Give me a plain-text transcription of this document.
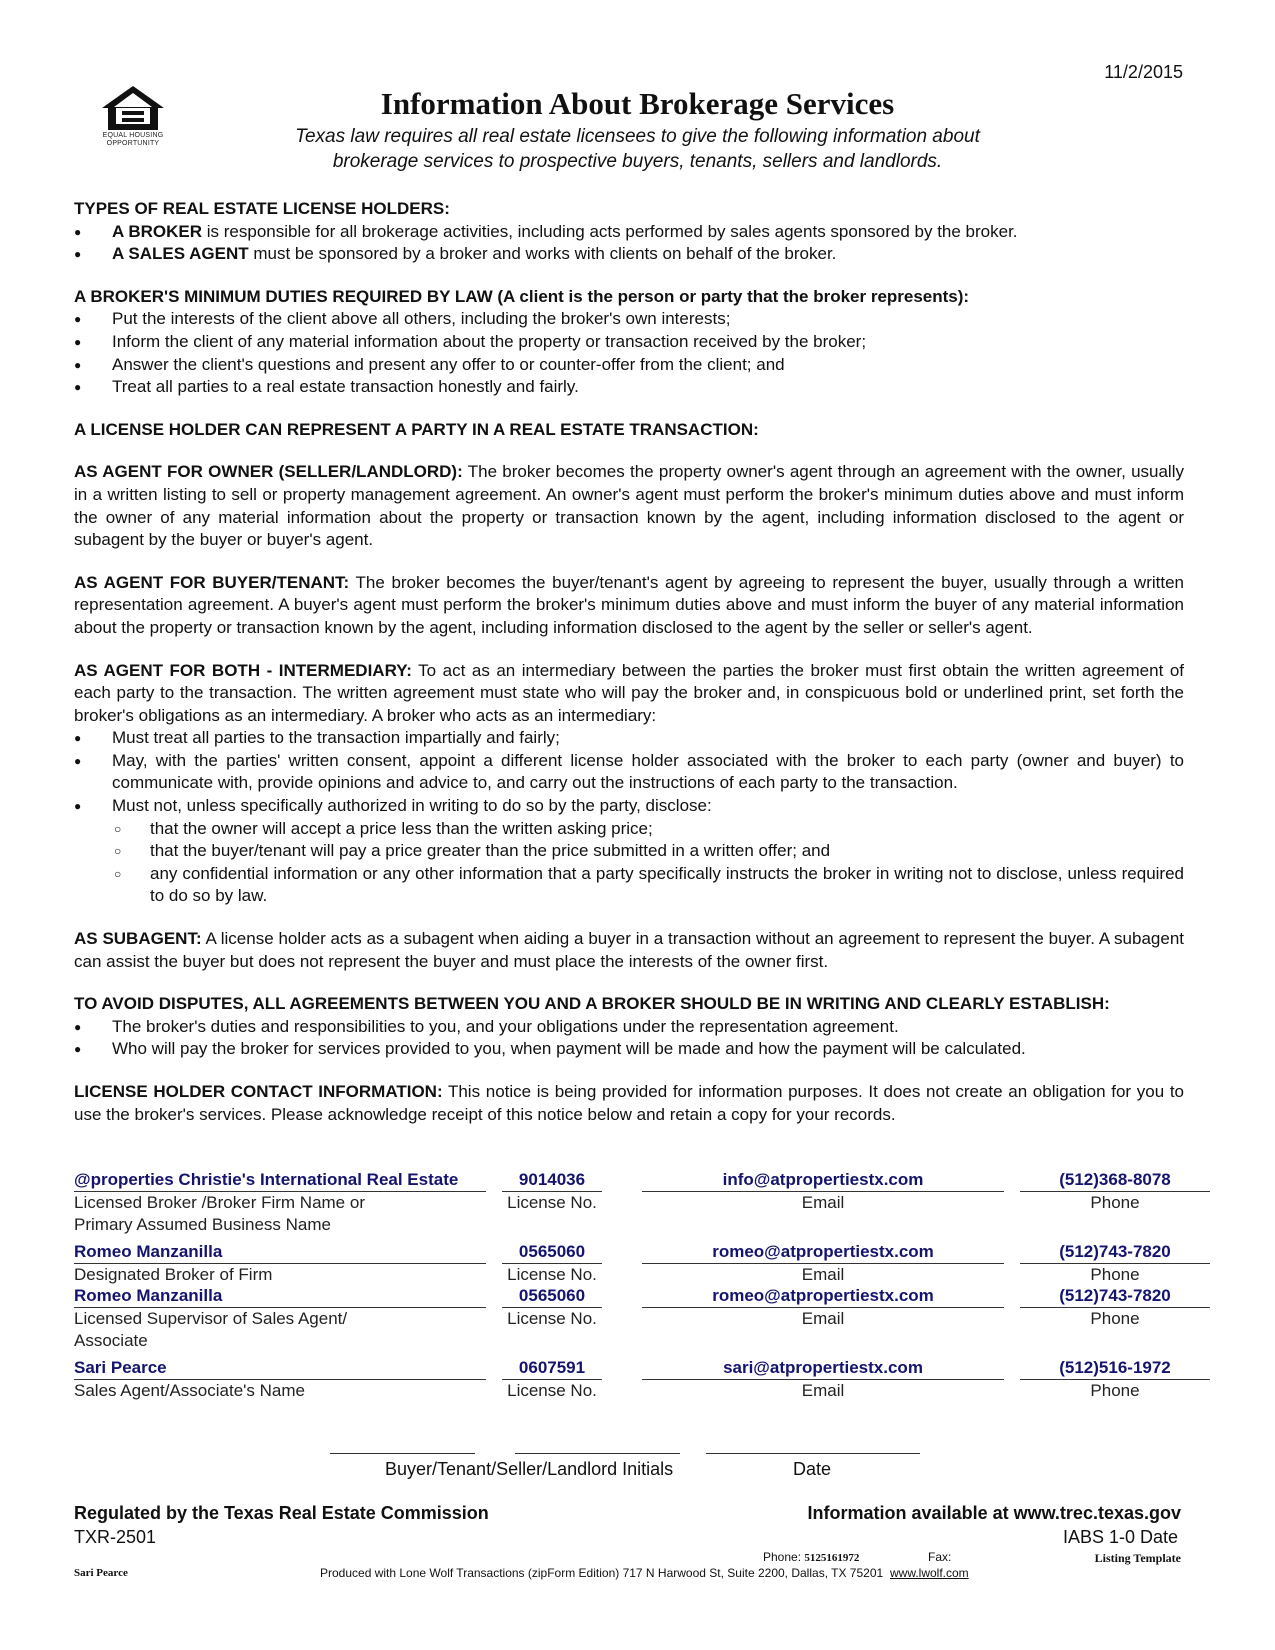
11/2/2015
EQUAL HOUSING
OPPORTUNITY
Information About Brokerage Services
Texas law requires all real estate licensees to give the following information about
brokerage services to prospective buyers, tenants, sellers and landlords.
TYPES OF REAL ESTATE LICENSE HOLDERS:
● A BROKER is responsible for all brokerage activities, including acts performed by sales agents sponsored by the broker.
● A SALES AGENT must be sponsored by a broker and works with clients on behalf of the broker.
A BROKER'S MINIMUM DUTIES REQUIRED BY LAW (A client is the person or party that the broker represents):
● Put the interests of the client above all others, including the broker's own interests;
● Inform the client of any material information about the property or transaction received by the broker;
● Answer the client's questions and present any offer to or counter-offer from the client; and
● Treat all parties to a real estate transaction honestly and fairly.
A LICENSE HOLDER CAN REPRESENT A PARTY IN A REAL ESTATE TRANSACTION:
AS AGENT FOR OWNER (SELLER/LANDLORD): The broker becomes the property owner's agent through an agreement with the owner, usually in a written listing to sell or property management agreement. An owner's agent must perform the broker's minimum duties above and must inform the owner of any material information about the property or transaction known by the agent, including information disclosed to the agent or subagent by the buyer or buyer's agent.
AS AGENT FOR BUYER/TENANT: The broker becomes the buyer/tenant's agent by agreeing to represent the buyer, usually through a written representation agreement. A buyer's agent must perform the broker's minimum duties above and must inform the buyer of any material information about the property or transaction known by the agent, including information disclosed to the agent by the seller or seller's agent.
AS AGENT FOR BOTH - INTERMEDIARY: To act as an intermediary between the parties the broker must first obtain the written agreement of each party to the transaction. The written agreement must state who will pay the broker and, in conspicuous bold or underlined print, set forth the broker's obligations as an intermediary. A broker who acts as an intermediary:
● Must treat all parties to the transaction impartially and fairly;
● May, with the parties' written consent, appoint a different license holder associated with the broker to each party (owner and buyer) to communicate with, provide opinions and advice to, and carry out the instructions of each party to the transaction.
● Must not, unless specifically authorized in writing to do so by the party, disclose:
○ that the owner will accept a price less than the written asking price;
○ that the buyer/tenant will pay a price greater than the price submitted in a written offer; and
○ any confidential information or any other information that a party specifically instructs the broker in writing not to disclose, unless required to do so by law.
AS SUBAGENT: A license holder acts as a subagent when aiding a buyer in a transaction without an agreement to represent the buyer. A subagent can assist the buyer but does not represent the buyer and must place the interests of the owner first.
TO AVOID DISPUTES, ALL AGREEMENTS BETWEEN YOU AND A BROKER SHOULD BE IN WRITING AND CLEARLY ESTABLISH:
● The broker's duties and responsibilities to you, and your obligations under the representation agreement.
● Who will pay the broker for services provided to you, when payment will be made and how the payment will be calculated.
LICENSE HOLDER CONTACT INFORMATION: This notice is being provided for information purposes. It does not create an obligation for you to use the broker's services. Please acknowledge receipt of this notice below and retain a copy for your records.
@properties Christie's International Real Estate	9014036	info@atpropertiestx.com	(512)368-8078
Licensed Broker /Broker Firm Name or
Primary Assumed Business Name
License No.	Email	Phone
Romeo Manzanilla	0565060	romeo@atpropertiestx.com	(512)743-7820
Designated Broker of Firm	License No.	Email	Phone
Romeo Manzanilla	0565060	romeo@atpropertiestx.com	(512)743-7820
Licensed Supervisor of Sales Agent/
Associate
License No.	Email	Phone
Sari Pearce	0607591	sari@atpropertiestx.com	(512)516-1972
Sales Agent/Associate's Name	License No.	Email	Phone
Buyer/Tenant/Seller/Landlord Initials	Date
Regulated by the Texas Real Estate Commission	Information available at www.trec.texas.gov
TXR-2501	IABS 1-0 Date
Phone: 5125161972	Fax:	Listing Template
Sari Pearce	Produced with Lone Wolf Transactions (zipForm Edition) 717 N Harwood St, Suite 2200, Dallas, TX 75201 www.lwolf.com
